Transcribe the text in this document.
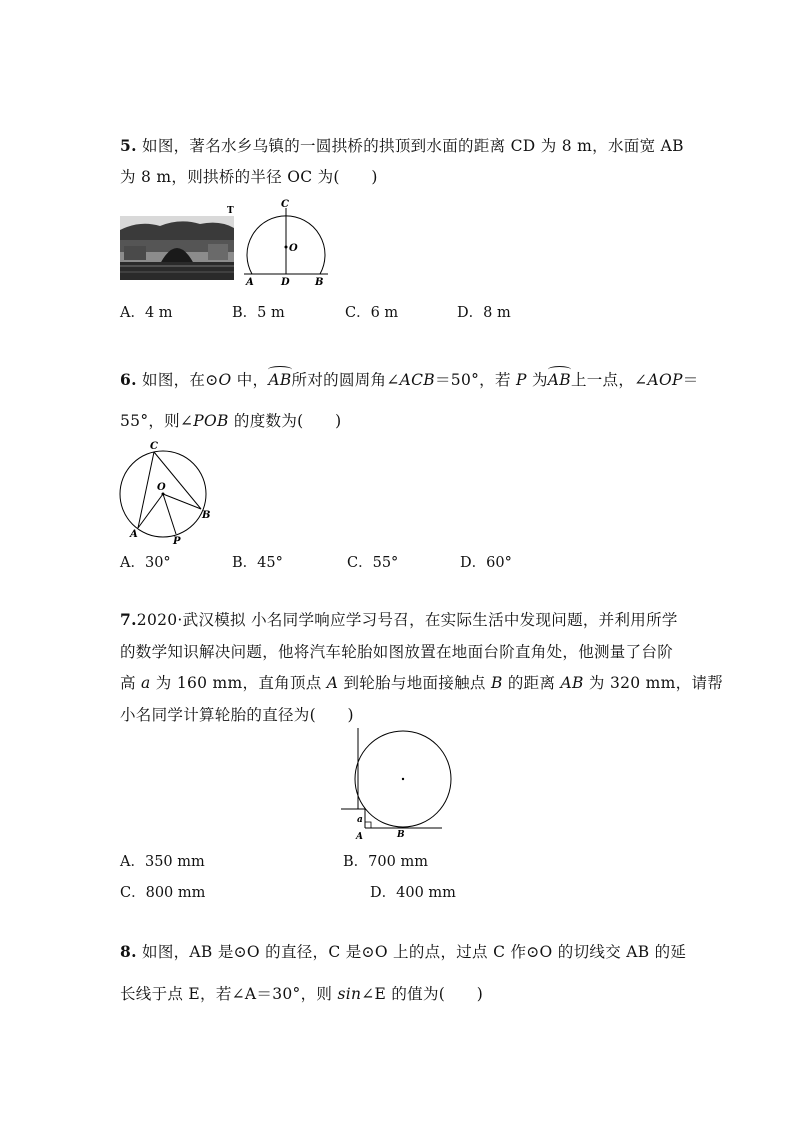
5. 如图，著名水乡乌镇的一圆拱桥的拱顶到水面的距离 CD 为 8 m，水面宽 AB
为 8 m，则拱桥的半径 OC 为(　　)
T
C
O
A	D	B
A．4 m	B．5 m	C．6 m	D．8 m
6. 如图，在⊙O 中，AB
所对的圆周角∠ACB＝50°，若 P 为AB
上一点，∠AOP＝
55°，则∠POB 的度数为(　　)
C
O
A
P
B
A．30°	B．45°	C．55°	D．60°
7.2020·武汉模拟 小名同学响应学习号召，在实际生活中发现问题，并利用所学
的数学知识解决问题，他将汽车轮胎如图放置在地面台阶直角处，他测量了台阶
高 a 为 160 mm，直角顶点 A 到轮胎与地面接触点 B 的距离 AB 为 320 mm，请帮
小名同学计算轮胎的直径为(　　)
a
A	B
A．350 mm	B．700 mm
C．800 mm	D．400 mm
8. 如图，AB 是⊙O 的直径，C 是⊙O 上的点，过点 C 作⊙O 的切线交 AB 的延
长线于点 E，若∠A＝30°，则 sin∠E 的值为(　　)
